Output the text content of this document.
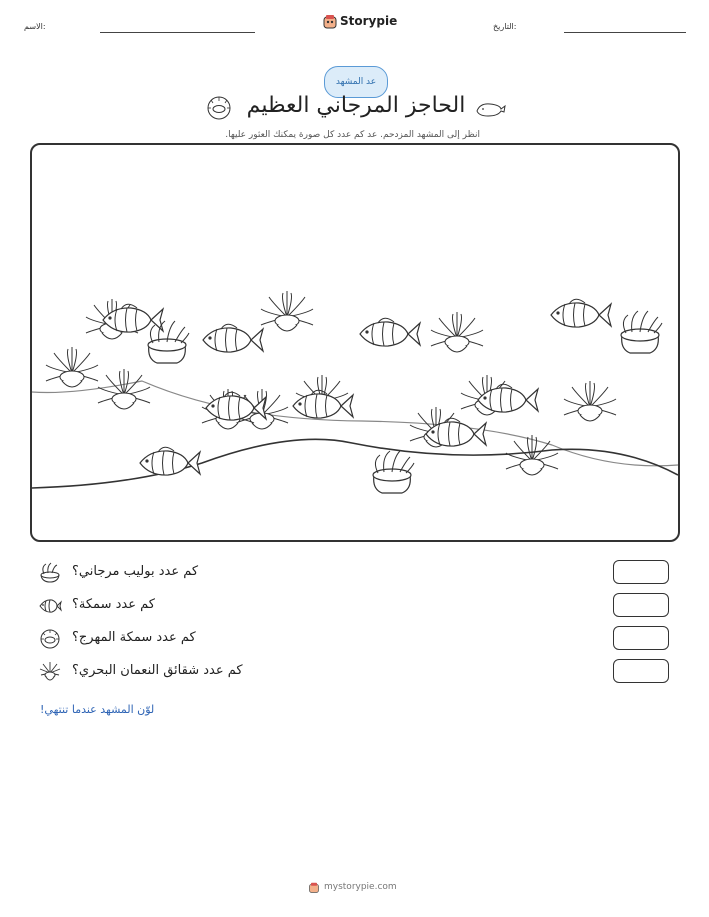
الاسم:	Storypie	التاريخ:
عد المشهد
الحاجز المرجاني العظيم
انظر إلى المشهد المزدحم. عد كم عدد كل صورة يمكنك العثور عليها.
كم عدد بوليب مرجاني؟
كم عدد سمكة؟
كم عدد سمكة المهرج؟
كم عدد شقائق النعمان البحري؟
لوّن المشهد عندما تنتهي!
mystorypie.com
